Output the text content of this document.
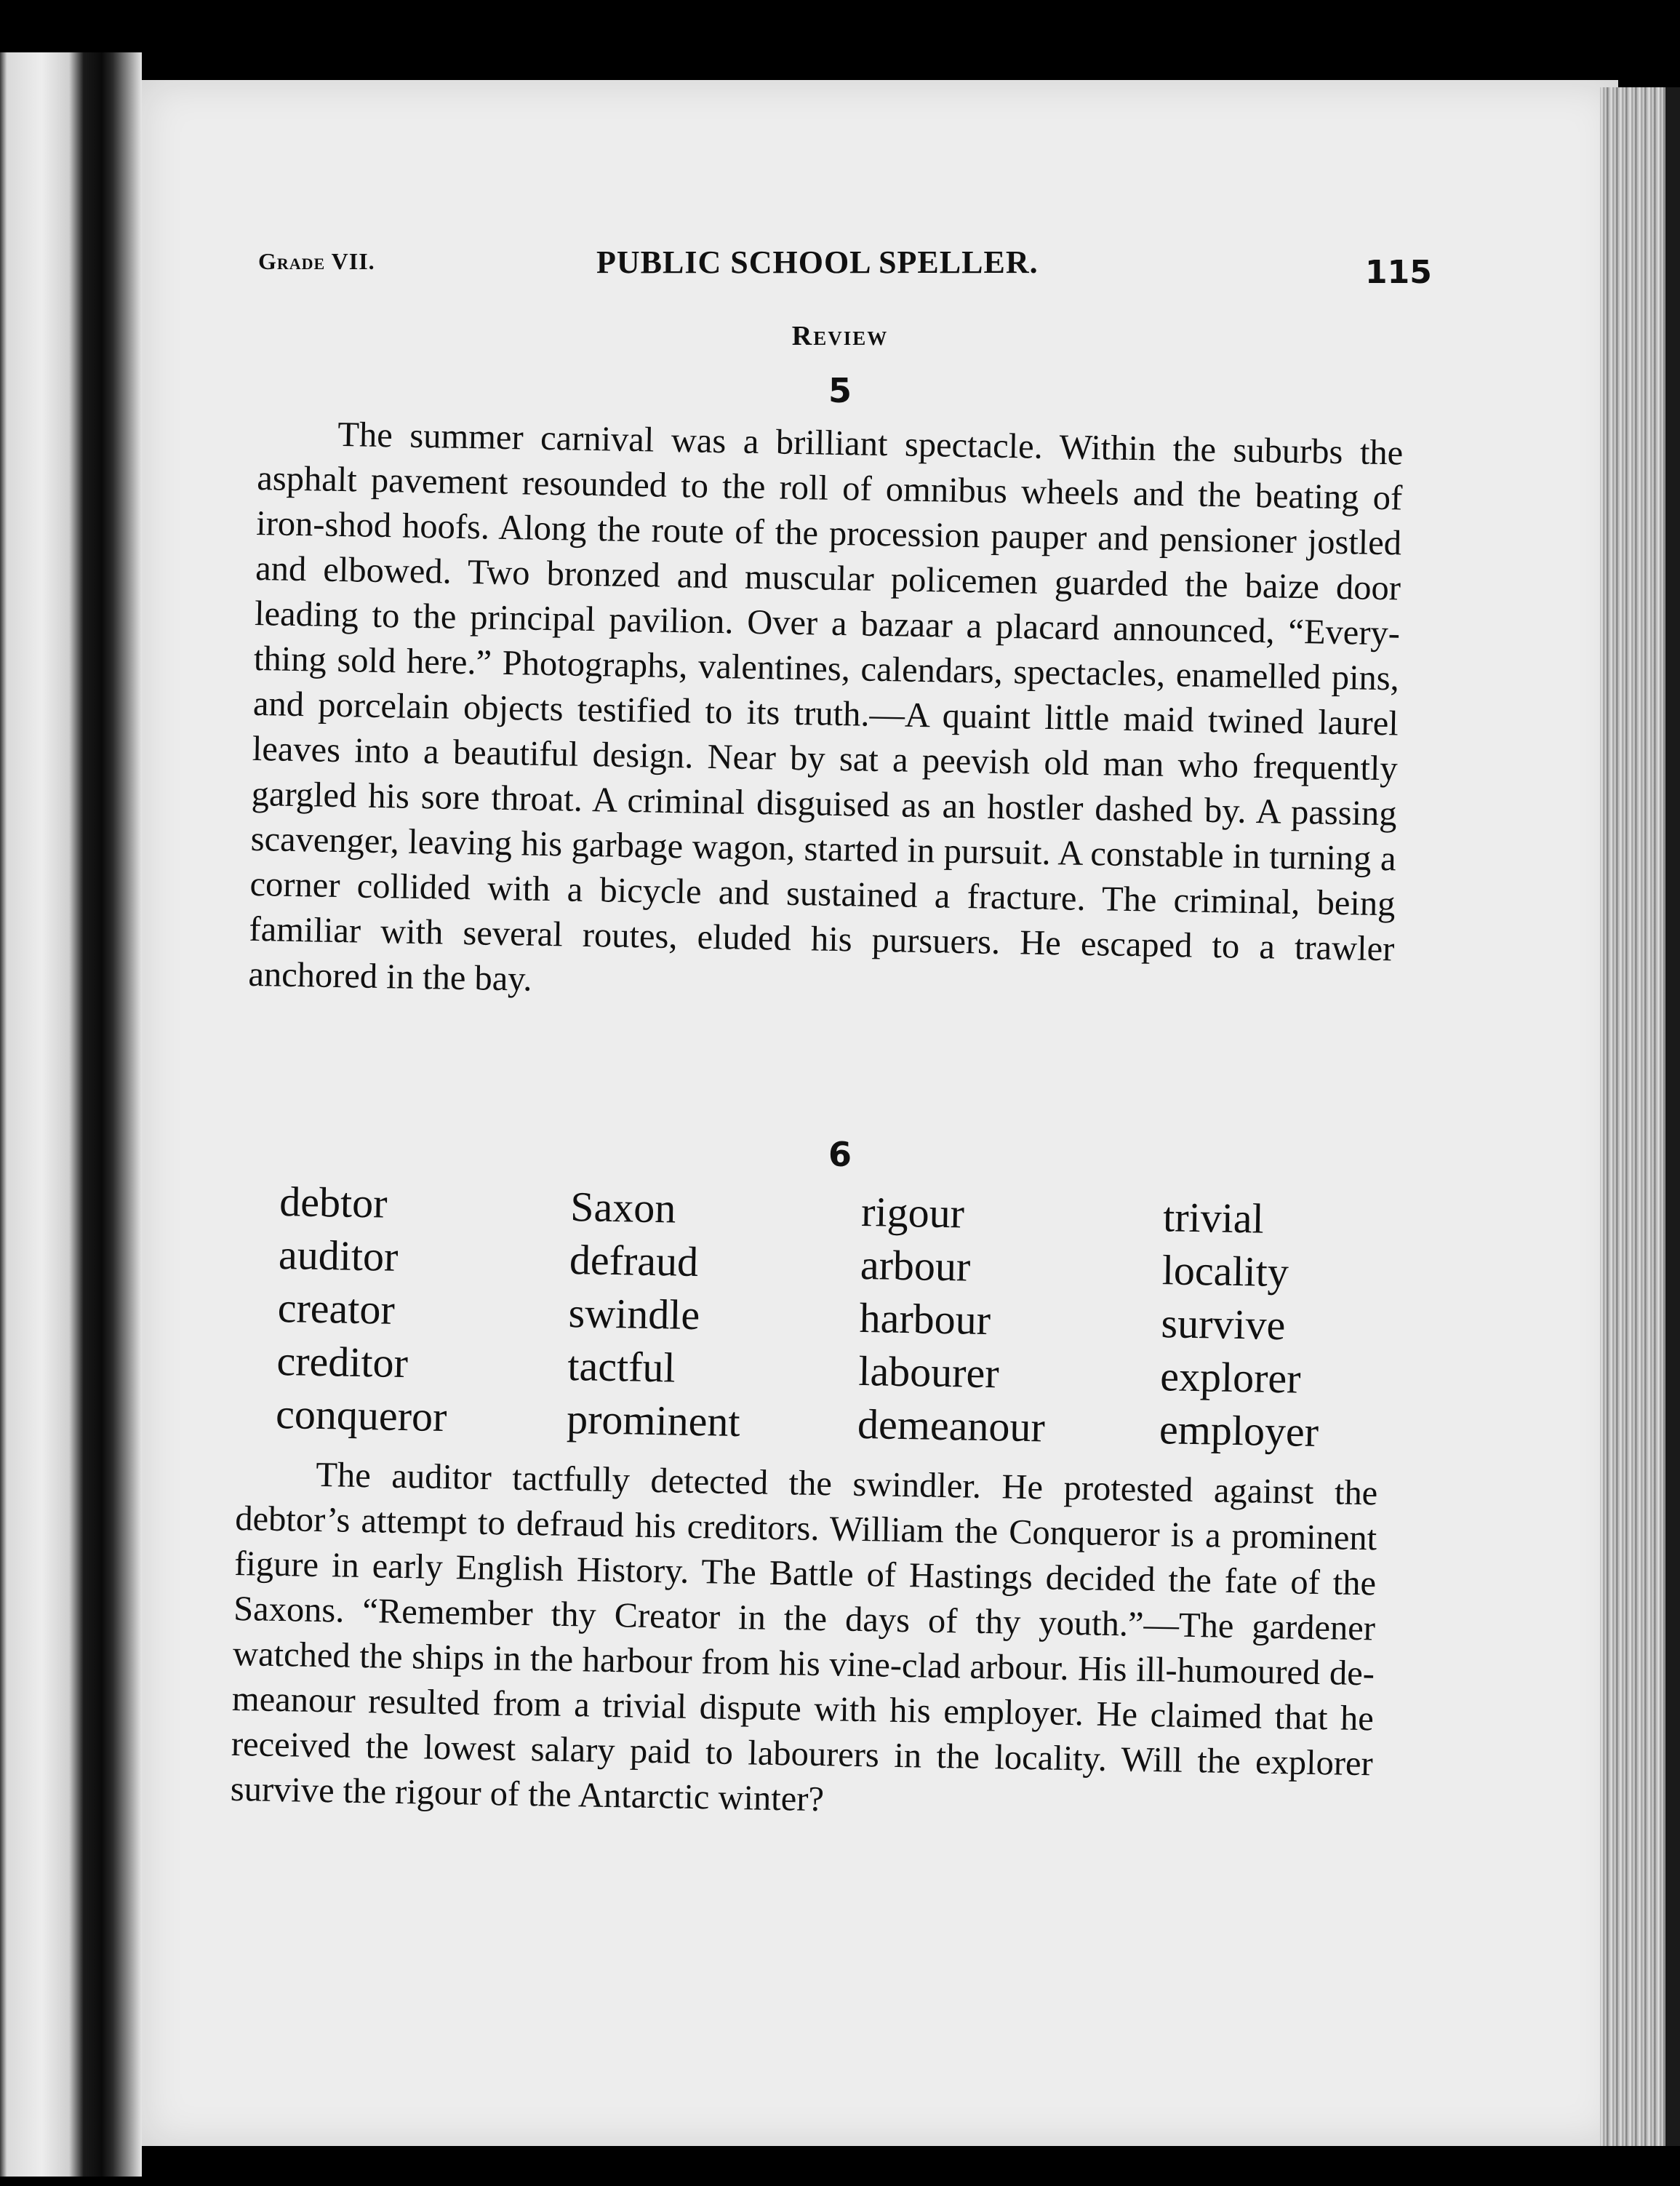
Grade VII.	PUBLIC SCHOOL SPELLER.	115
Review
5

The summer carnival was a brilliant spectacle. Within the suburbs the asphalt pavement resounded to the roll of omnibus wheels and the beating of iron-shod hoofs. Along the route of the procession pauper and pensioner jostled and elbowed. Two bronzed and muscular policemen guarded the baize door leading to the principal pavilion. Over a bazaar a placard announced, “Every-thing sold here.” Photographs, valentines, calendars, spectacles, enamelled pins, and porcelain objects testified to its truth.—A quaint little maid twined laurel leaves into a beautiful design. Near by sat a peevish old man who frequently gargled his sore throat. A criminal disguised as an hostler dashed by. A passing scavenger, leaving his garbage wagon, started in pursuit. A constable in turning a corner collided with a bicycle and sustained a fracture. The criminal, being familiar with several routes, eluded his pursuers. He escaped to a trawler anchored in the bay.

6
debtor
auditor
creator
creditor
conqueror
Saxon
defraud
swindle
tactful
prominent
rigour
arbour
harbour
labourer
demeanour
trivial
locality
survive
explorer
employer

The auditor tactfully detected the swindler. He protested against the debtor’s attempt to defraud his creditors. William the Conqueror is a prominent figure in early English History. The Battle of Hastings decided the fate of the Saxons. “Remember thy Creator in the days of thy youth.”—The gardener watched the ships in the harbour from his vine-clad arbour. His ill-humoured de-meanour resulted from a trivial dispute with his employer. He claimed that he received the lowest salary paid to labourers in the locality. Will the explorer survive the rigour of the Antarctic winter?
